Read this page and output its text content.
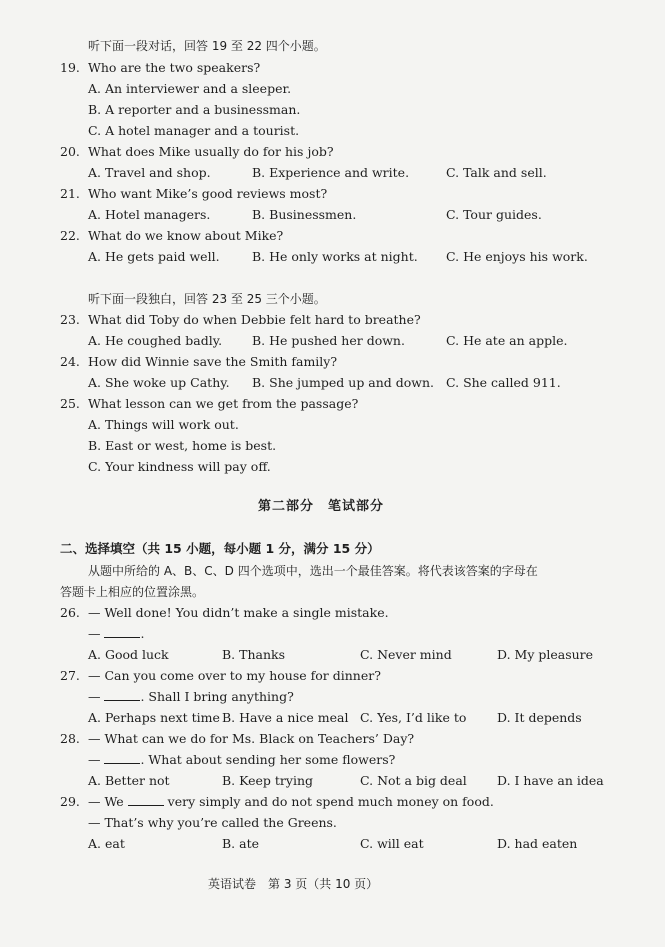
听下面一段对话，回答 19 至 22 四个小题。
19. Who are the two speakers?
A. An interviewer and a sleeper.
B. A reporter and a businessman.
C. A hotel manager and a tourist.
20. What does Mike usually do for his job?
A. Travel and shop.	B. Experience and write.	C. Talk and sell.
21. Who want Mike’s good reviews most?
A. Hotel managers.	B. Businessmen.	C. Tour guides.
22. What do we know about Mike?
A. He gets paid well.	B. He only works at night. C. He enjoys his work.
听下面一段独白，回答 23 至 25 三个小题。
23. What did Toby do when Debbie felt hard to breathe?
A. He coughed badly. B. He pushed her down.	C. He ate an apple.
24. How did Winnie save the Smith family?
A. She woke up Cathy. B. She jumped up and down. C. She called 911.
25. What lesson can we get from the passage?
A. Things will work out.
B. East or west, home is best.
C. Your kindness will pay off.
第二部分　笔试部分
二、选择填空（共 15 小题，每小题 1 分，满分 15 分）
从题中所给的 A、B、C、D 四个选项中，选出一个最佳答案。将代表该答案的字母在
答题卡上相应的位置涂黑。
26. — Well done! You didn’t make a single mistake.
—	.
A. Good luck	B. Thanks	C. Never mind	D. My pleasure
27. — Can you come over to my house for dinner?
—	. Shall I bring anything?
A. Perhaps next time B. Have a nice meal C. Yes, I’d like to D. It depends
28. — What can we do for Ms. Black on Teachers’ Day?
—	. What about sending her some flowers?
A. Better not	B. Keep trying	C. Not a big deal D. I have an idea
29. — We	very simply and do not spend much money on food.
— That’s why you’re called the Greens.
A. eat	B. ate	C. will eat	D. had eaten
英语试卷　第 3 页（共 10 页）
